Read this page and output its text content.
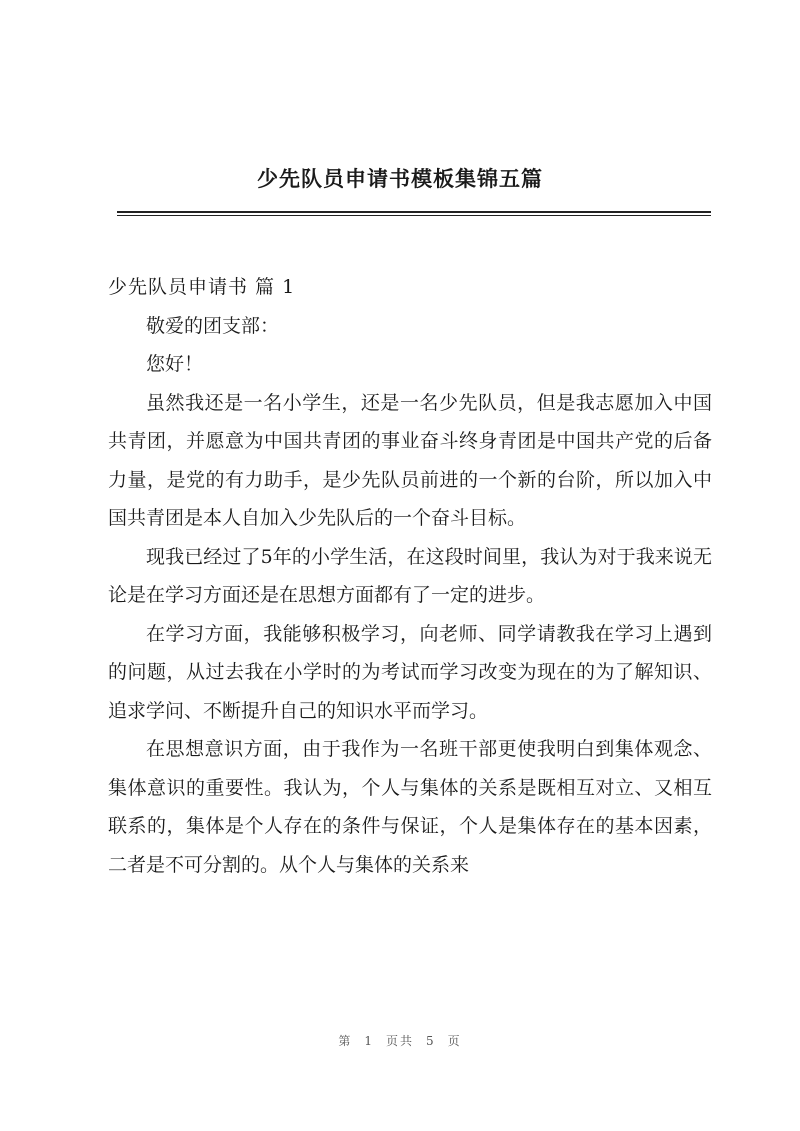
少先队员申请书模板集锦五篇

少先队员申请书 篇 1

敬爱的团支部：

您好！

虽然我还是一名小学生，还是一名少先队员，但是我志愿加入中国共青团，并愿意为中国共青团的事业奋斗终身青团是中国共产党的后备力量，是党的有力助手，是少先队员前进的一个新的台阶，所以加入中国共青团是本人自加入少先队后的一个奋斗目标。

现我已经过了5年的小学生活，在这段时间里，我认为对于我来说无论是在学习方面还是在思想方面都有了一定的进步。

在学习方面，我能够积极学习，向老师、同学请教我在学习上遇到的问题，从过去我在小学时的为考试而学习改变为现在的为了解知识、追求学问、不断提升自己的知识水平而学习。

在思想意识方面，由于我作为一名班干部更使我明白到集体观念、集体意识的重要性。我认为，个人与集体的关系是既相互对立、又相互联系的，集体是个人存在的条件与保证，个人是集体存在的基本因素，二者是不可分割的。从个人与集体的关系来

第 1 页共 5 页
